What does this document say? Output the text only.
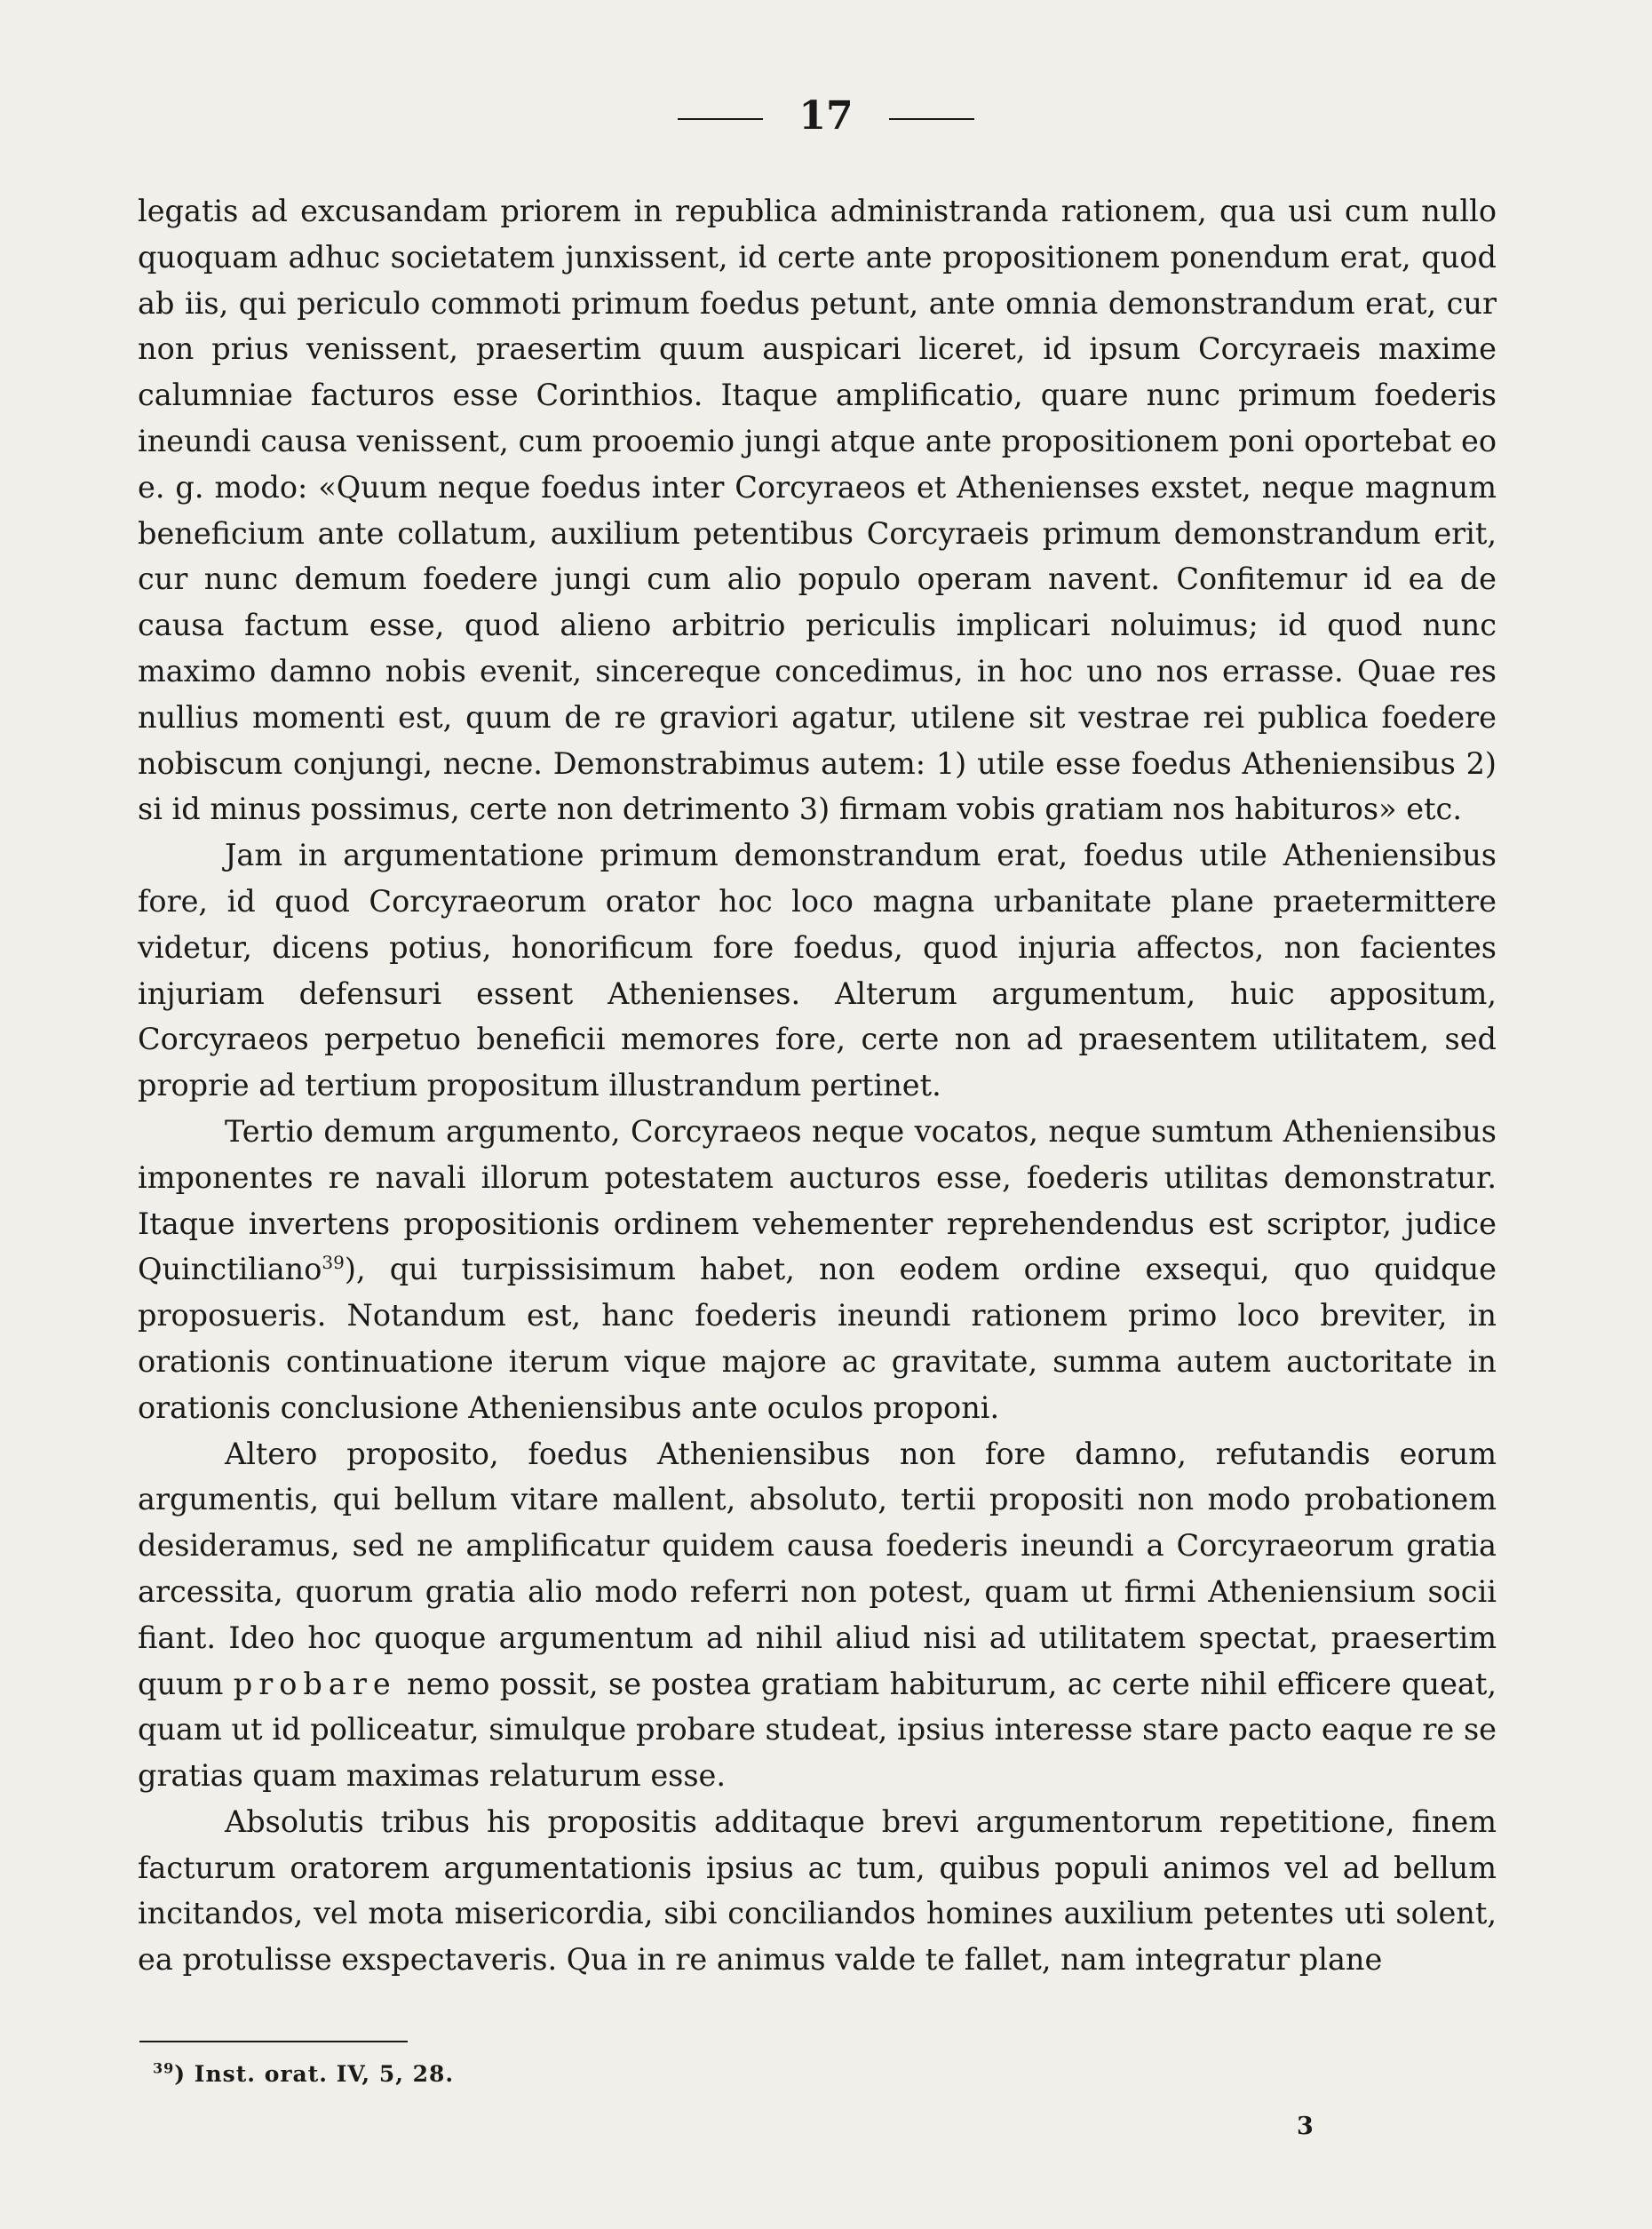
17

legatis ad excusandam priorem in republica administranda rationem, qua usi cum nullo quoquam adhuc societatem junxissent, id certe ante propositionem ponendum erat, quod ab iis, qui periculo commoti primum foedus petunt, ante omnia demonstrandum erat, cur non prius venissent, praesertim quum auspicari liceret, id ipsum Corcyraeis maxime calumniae facturos esse Corinthios. Itaque amplificatio, quare nunc primum foederis ineundi causa venissent, cum prooemio jungi atque ante propositionem poni oportebat eo e. g. modo: «Quum neque foedus inter Corcyraeos et Athenienses exstet, neque magnum beneficium ante collatum, auxilium petentibus Corcyraeis primum demonstrandum erit, cur nunc demum foedere jungi cum alio populo operam navent. Confitemur id ea de causa factum esse, quod alieno arbitrio periculis implicari noluimus; id quod nunc maximo damno nobis evenit, sincereque concedimus, in hoc uno nos errasse. Quae res nullius momenti est, quum de re graviori agatur, utilene sit vestrae rei publica foedere nobiscum conjungi, necne. Demonstrabimus autem: 1) utile esse foedus Atheniensibus 2) si id minus possimus, certe non detrimento 3) firmam vobis gratiam nos habituros» etc.

Jam in argumentatione primum demonstrandum erat, foedus utile Atheniensibus fore, id quod Corcyraeorum orator hoc loco magna urbanitate plane praetermittere videtur, dicens potius, honorificum fore foedus, quod injuria affectos, non facientes injuriam defensuri essent Athenienses. Alterum argumentum, huic appositum, Corcyraeos perpetuo beneficii memores fore, certe non ad praesentem utilitatem, sed proprie ad tertium propositum illustrandum pertinet.

Tertio demum argumento, Corcyraeos neque vocatos, neque sumtum Atheniensibus imponentes re navali illorum potestatem aucturos esse, foederis utilitas demonstratur. Itaque invertens propositionis ordinem vehementer reprehendendus est scriptor, judice Quinctiliano$^{39}$), qui turpissisimum habet, non eodem ordine exsequi, quo quidque proposueris. Notandum est, hanc foederis ineundi rationem primo loco breviter, in orationis continuatione iterum vique majore ac gravitate, summa autem auctoritate in orationis conclusione Atheniensibus ante oculos proponi.

Altero proposito, foedus Atheniensibus non fore damno, refutandis eorum argumentis, qui bellum vitare mallent, absoluto, tertii propositi non modo probationem desideramus, sed ne amplificatur quidem causa foederis ineundi a Corcyraeorum gratia arcessita, quorum gratia alio modo referri non potest, quam ut firmi Atheniensium socii fiant. Ideo hoc quoque argumentum ad nihil aliud nisi ad utilitatem spectat, praesertim quum probare nemo possit, se postea gratiam habiturum, ac certe nihil efficere queat, quam ut id polliceatur, simulque probare studeat, ipsius interesse stare pacto eaque re se gratias quam maximas relaturum esse.

Absolutis tribus his propositis additaque brevi argumentorum repetitione, finem facturum oratorem argumentationis ipsius ac tum, quibus populi animos vel ad bellum incitandos, vel mota misericordia, sibi conciliandos homines auxilium petentes uti solent, ea protulisse exspectaveris. Qua in re animus valde te fallet, nam integratur plane

$^{39}$) Inst. orat. IV, 5, 28.
3
